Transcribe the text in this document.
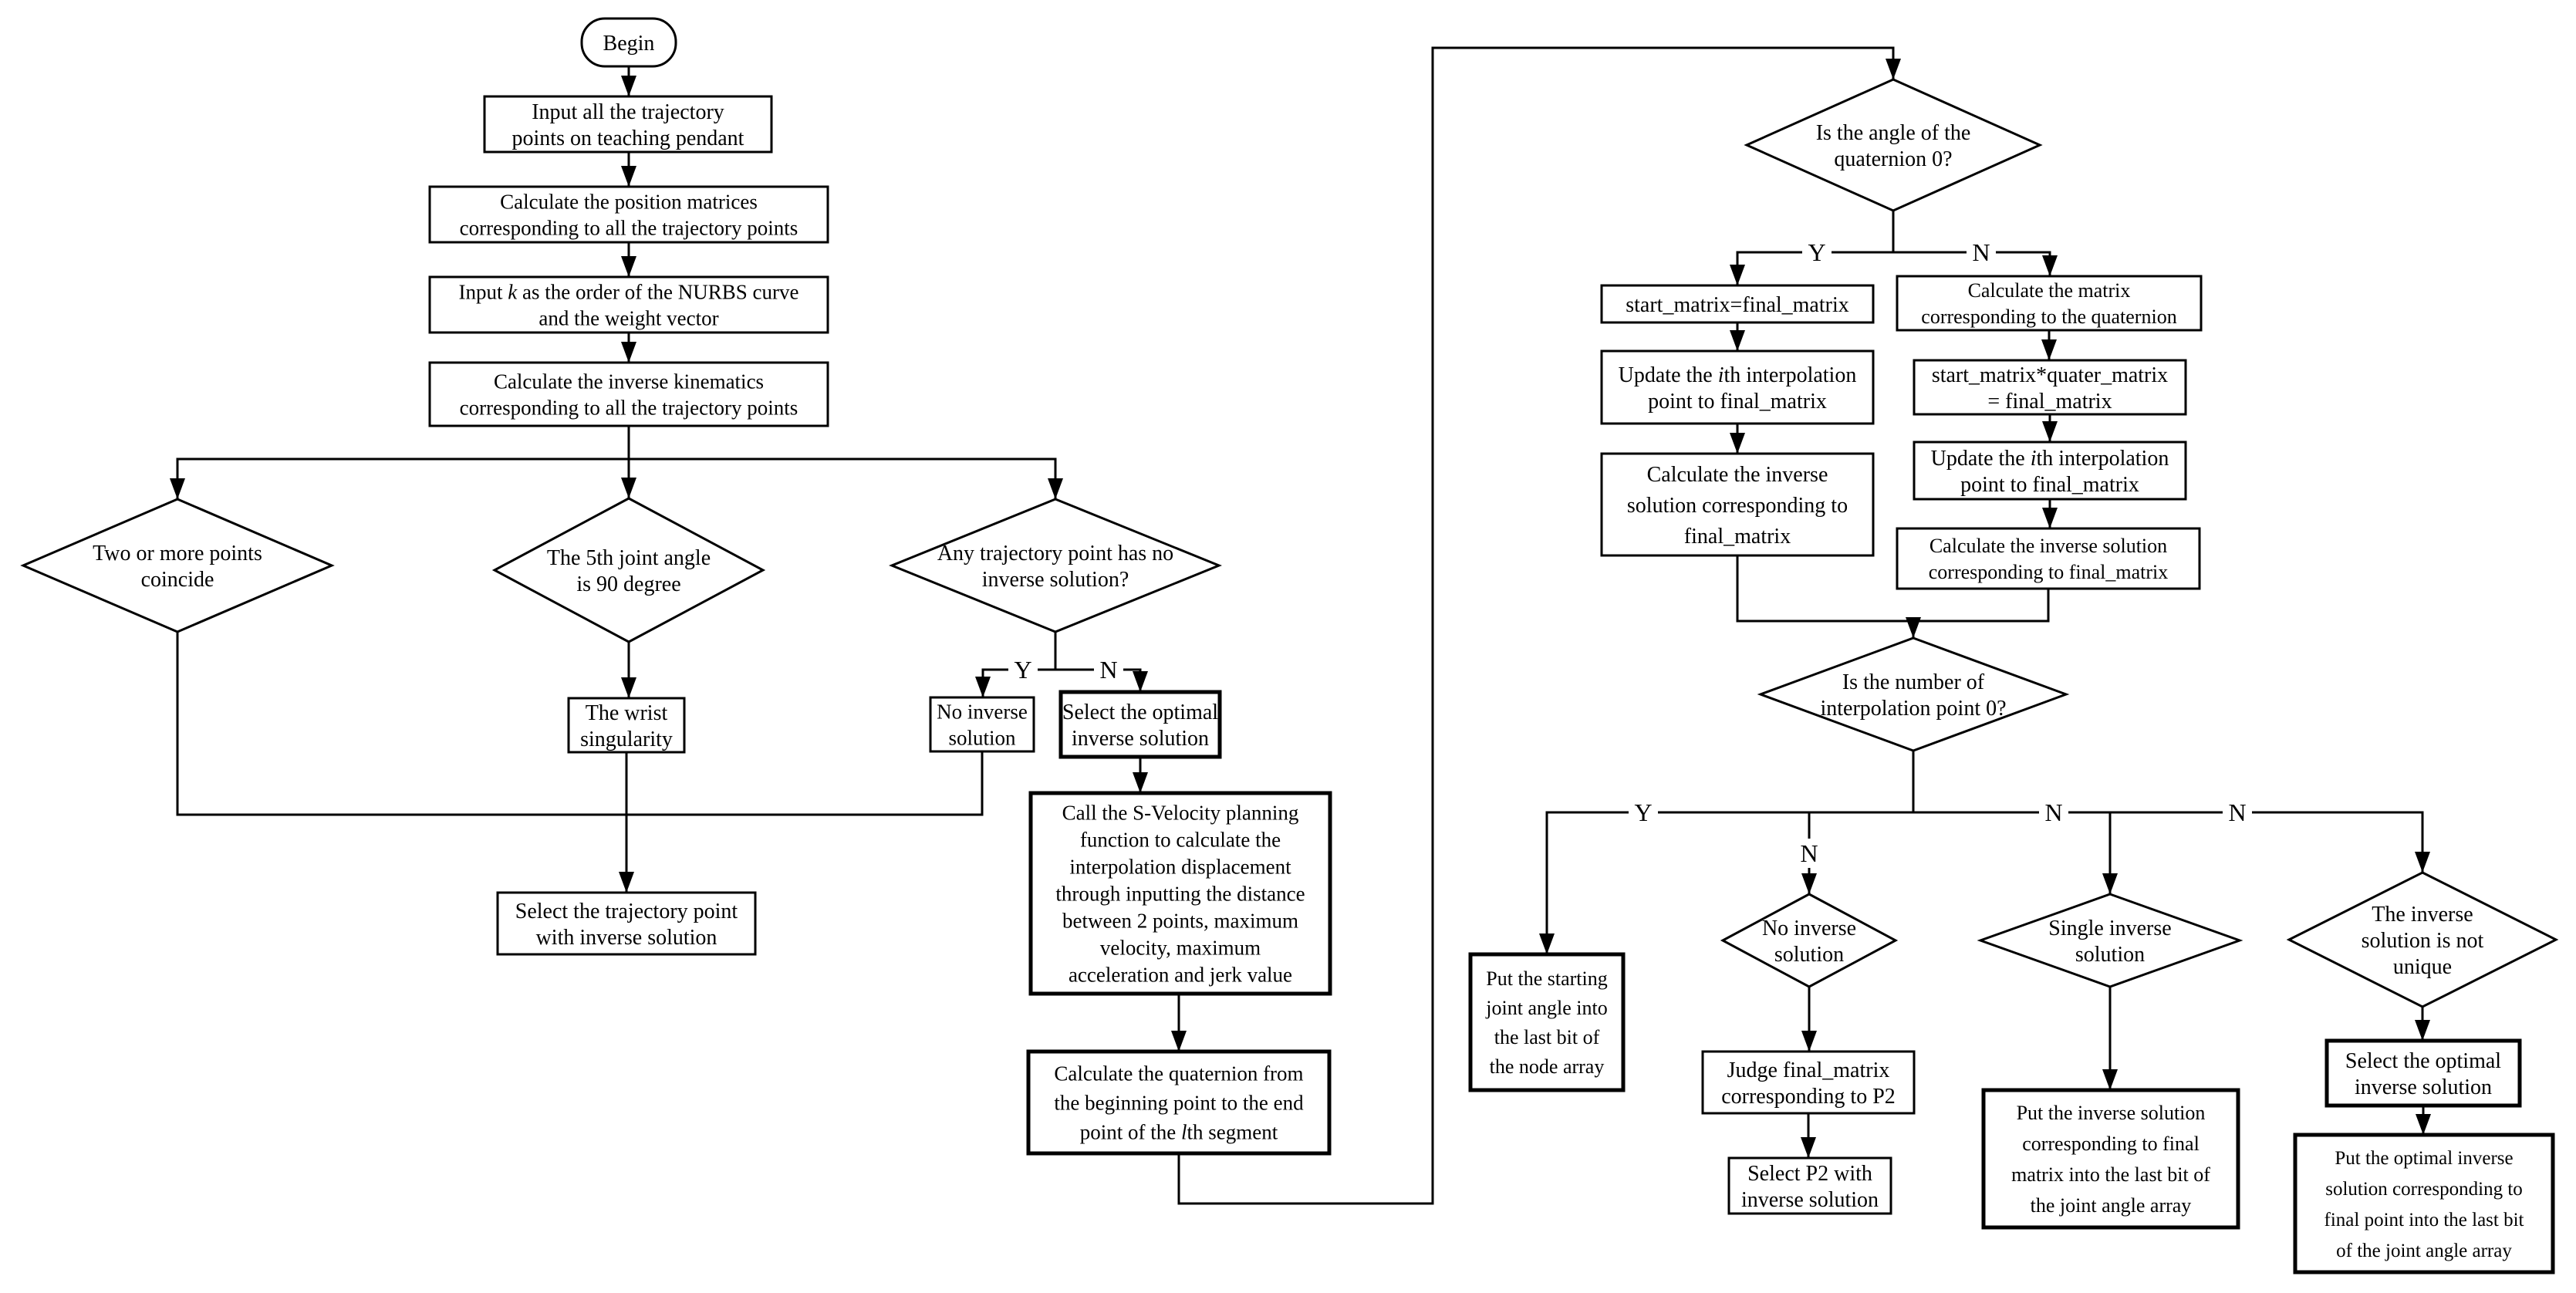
Begin
Input all the trajectory
points on teaching pendant
Calculate the position matrices
corresponding to all the trajectory points
Input k as the order of the NURBS curve
and the weight vector
Calculate the inverse kinematics
corresponding to all the trajectory points
Two or more points
coincide
The 5th joint angle
is 90 degree
Any trajectory point has no
inverse solution?
The wrist
singularity
No inverse
solution
Select the optimal
inverse solution
Select the trajectory point
with inverse solution
Call the S-Velocity planning
function to calculate the
interpolation displacement
through inputting the distance
between 2 points, maximum
velocity, maximum
acceleration and jerk value
Calculate the quaternion from
the beginning point to the end
point of the lth segment
Is the angle of the
quaternion 0?
start_matrix=final_matrix
Update the ith interpolation
point to final_matrix
Calculate the inverse
solution corresponding to
final_matrix
Calculate the matrix
corresponding to the quaternion
start_matrix*quater_matrix
= final_matrix
Update the ith interpolation
point to final_matrix
Calculate the inverse solution
corresponding to final_matrix
Is the number of
interpolation point 0?
Put the starting
joint angle into
the last bit of
the node array
No inverse
solution
Judge final_matrix
corresponding to P2
Select P2 with
inverse solution
Single inverse
solution
Put the inverse solution
corresponding to final
matrix into the last bit of
the joint angle array
The inverse
solution is not
unique
Select the optimal
inverse solution
Put the optimal inverse
solution corresponding to
final point into the last bit
of the joint angle array
Y	N
Y	N
Y
N
N	N
